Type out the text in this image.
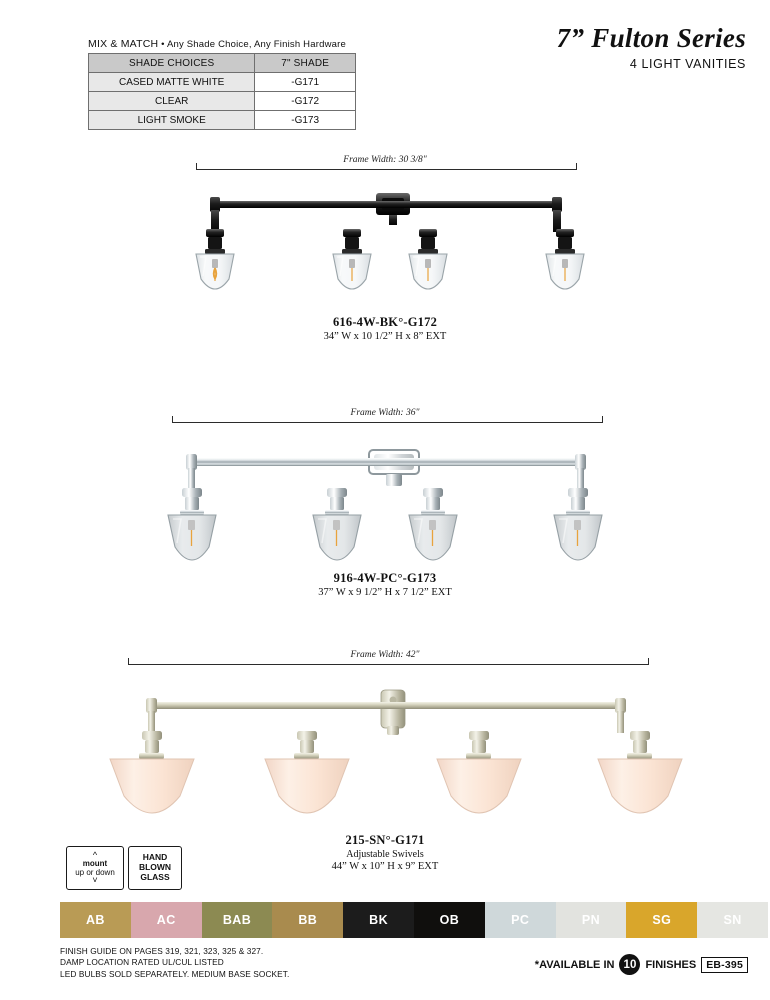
7” Fulton Series
4 LIGHT VANITIES
MIX & MATCH • Any Shade Choice, Any Finish Hardware
SHADE CHOICES	7" SHADE
CASED MATTE WHITE	-G171
CLEAR	-G172
LIGHT SMOKE	-G173
Frame Width: 30 3/8"
616-4W-BK°-G172
34” W x 10 1/2” H x 8” EXT
Frame Width: 36"
916-4W-PC°-G173
37” W x 9 1/2” H x 7 1/2” EXT
Frame Width: 42"
215-SN°-G171
Adjustable Swivels
44” W x 10” H x 9” EXT
^
mount
up or down
˅
HAND
BLOWN
GLASS
AB	AC	BAB	BB	BK	OB	PC	PN	SG	SN
FINISH GUIDE ON PAGES 319, 321, 323, 325 & 327.
DAMP LOCATION RATED UL/CUL LISTED
LED BULBS SOLD SEPARATELY. MEDIUM BASE SOCKET.
*AVAILABLE IN 10 FINISHES EB-395
